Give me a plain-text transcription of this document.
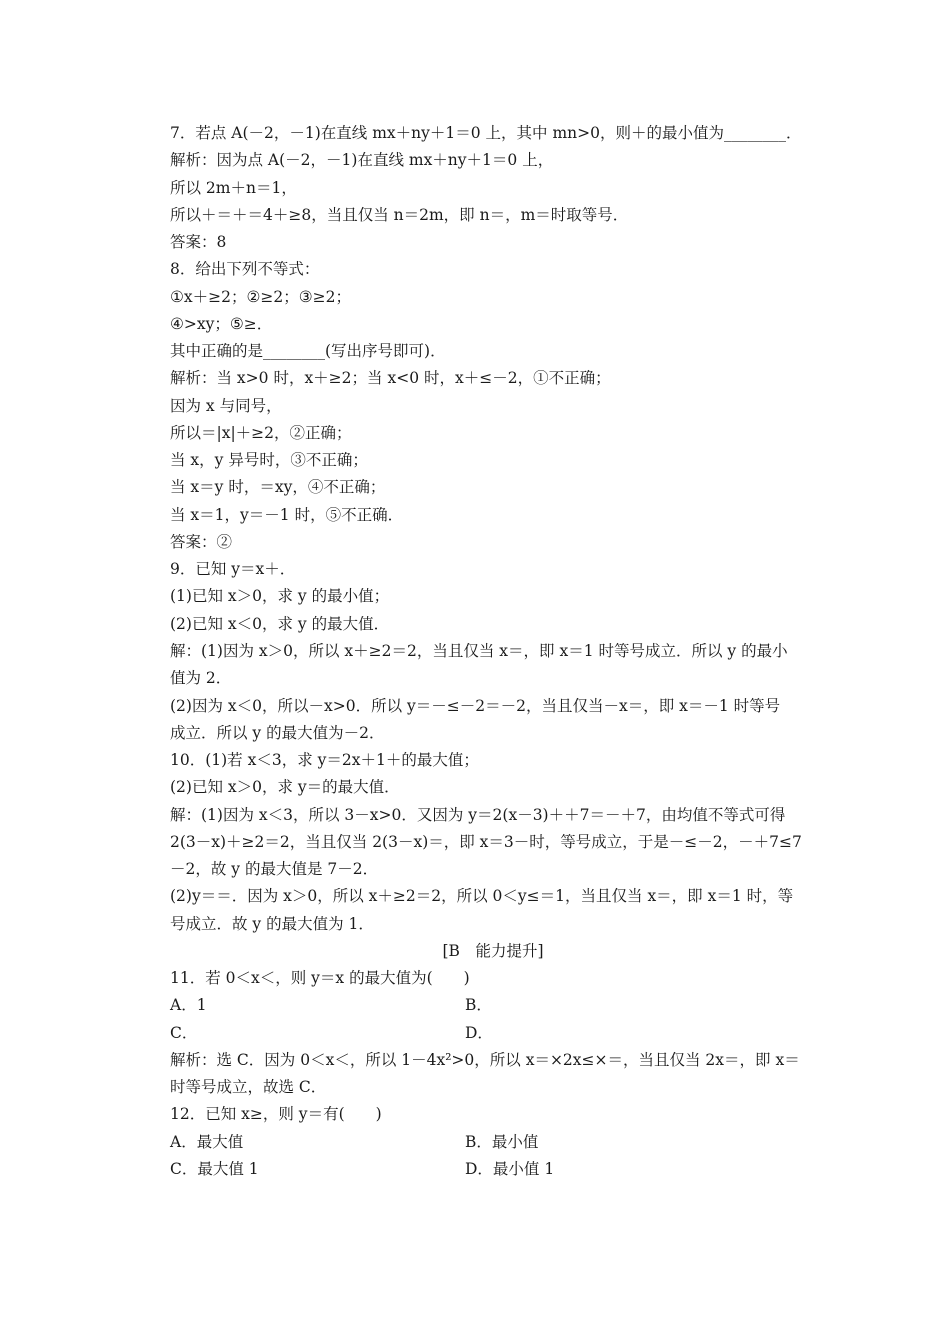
7．若点 A(－2，－1)在直线 mx＋ny＋1＝0 上，其中 mn>0，则＋的最小值为________．
解析：因为点 A(－2，－1)在直线 mx＋ny＋1＝0 上，
所以 2m＋n＝1，
所以＋＝＋＝4＋≥8，当且仅当 n＝2m，即 n＝，m＝时取等号．
答案：8
8．给出下列不等式：
①x＋≥2；②≥2；③≥2；
④>xy；⑤≥．
其中正确的是________(写出序号即可)．
解析：当 x>0 时，x＋≥2；当 x<0 时，x＋≤－2，①不正确；
因为 x 与同号，
所以＝|x|＋≥2，②正确；
当 x，y 异号时，③不正确；
当 x＝y 时，＝xy，④不正确；
当 x＝1，y＝－1 时，⑤不正确．
答案：②
9．已知 y＝x＋．
(1)已知 x＞0，求 y 的最小值；
(2)已知 x＜0，求 y 的最大值．
解：(1)因为 x＞0，所以 x＋≥2＝2，当且仅当 x＝，即 x＝1 时等号成立．所以 y 的最小
值为 2．
(2)因为 x＜0，所以－x>0．所以 y＝－≤－2＝－2，当且仅当－x＝，即 x＝－1 时等号
成立．所以 y 的最大值为－2．
10．(1)若 x＜3，求 y＝2x＋1＋的最大值；
(2)已知 x＞0，求 y＝的最大值．
解：(1)因为 x＜3，所以 3－x>0．又因为 y＝2(x－3)＋＋7＝－＋7，由均值不等式可得
2(3－x)＋≥2＝2，当且仅当 2(3－x)＝，即 x＝3－时，等号成立，于是－≤－2，－＋7≤7
－2，故 y 的最大值是 7－2．
(2)y＝＝．因为 x＞0，所以 x＋≥2＝2，所以 0＜y≤＝1，当且仅当 x＝，即 x＝1 时，等
号成立．故 y 的最大值为 1．
[B　能力提升]
11．若 0＜x＜，则 y＝x 的最大值为(　　)
A．1	B．
C．	D．
解析：选 C．因为 0＜x＜，所以 1－4x²>0，所以 x＝×2x≤×＝，当且仅当 2x＝，即 x＝
时等号成立，故选 C．
12．已知 x≥，则 y＝有(　　)
A．最大值	B．最小值
C．最大值 1	D．最小值 1
